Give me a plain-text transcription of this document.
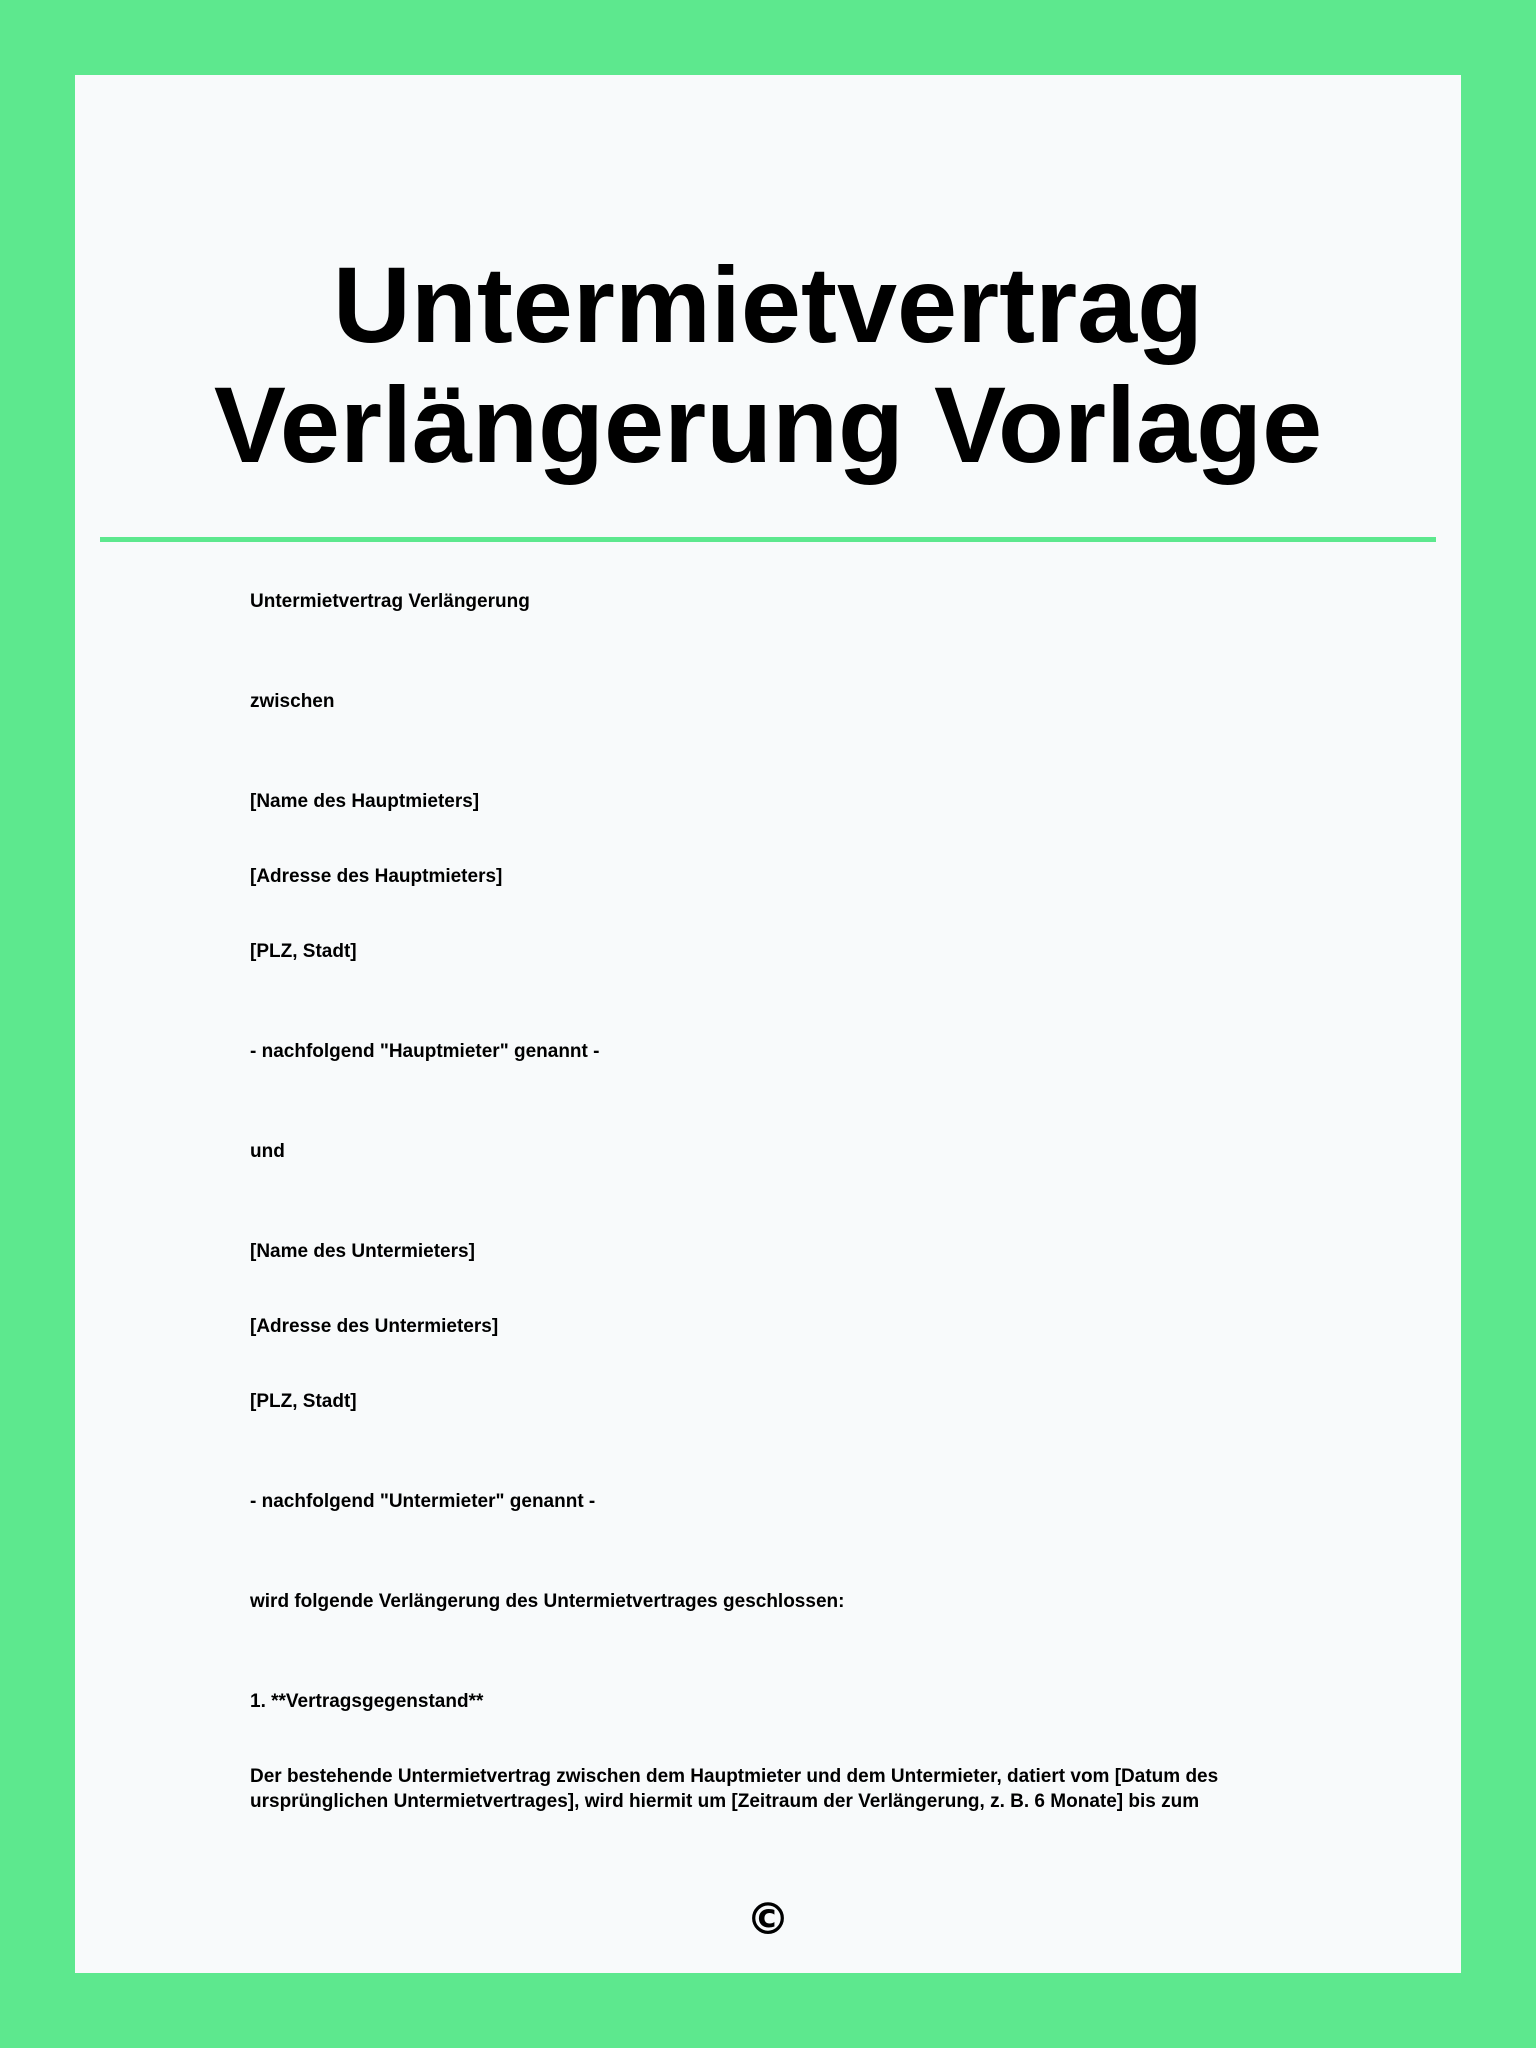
Untermietvertrag
Verlängerung Vorlage

Untermietvertrag Verlängerung

zwischen

[Name des Hauptmieters]

[Adresse des Hauptmieters]

[PLZ, Stadt]

- nachfolgend "Hauptmieter" genannt -

und

[Name des Untermieters]

[Adresse des Untermieters]

[PLZ, Stadt]

- nachfolgend "Untermieter" genannt -

wird folgende Verlängerung des Untermietvertrages geschlossen:

1. **Vertragsgegenstand**

Der bestehende Untermietvertrag zwischen dem Hauptmieter und dem Untermieter, datiert vom [Datum des ursprünglichen Untermietvertrages], wird hiermit um [Zeitraum der Verlängerung, z. B. 6 Monate] bis zum

©
